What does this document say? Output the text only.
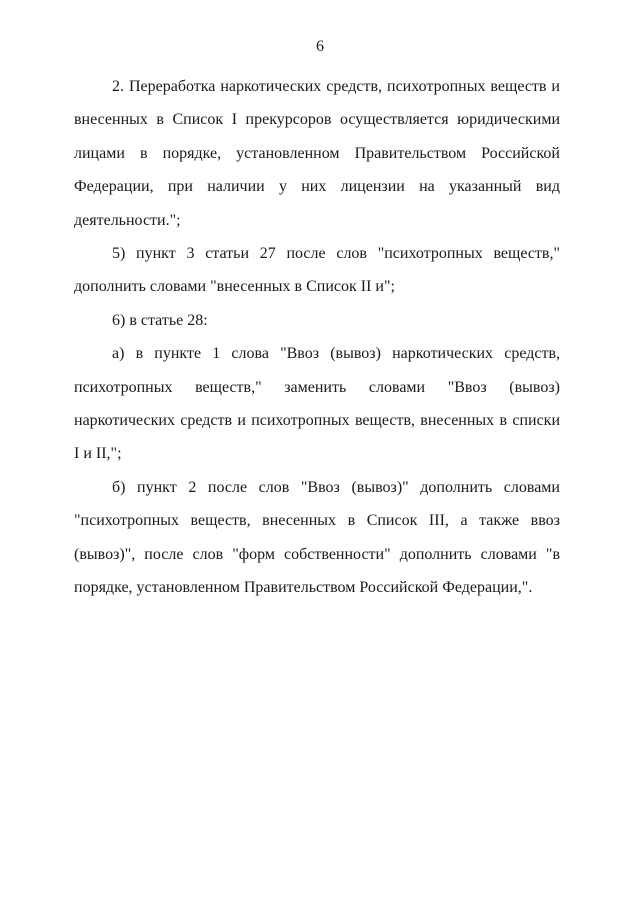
6

2. Переработка наркотических средств, психотропных веществ и внесенных в Список I прекурсоров осуществляется юридическими лицами в порядке, установленном Правительством Российской Федерации, при наличии у них лицензии на указанный вид деятельности.";

5) пункт 3 статьи 27 после слов "психотропных веществ," дополнить словами "внесенных в Список II и";

6) в статье 28:

а) в пункте 1 слова "Ввоз (вывоз) наркотических средств, психотропных веществ," заменить словами "Ввоз (вывоз) наркотических средств и психотропных веществ, внесенных в списки I и II,";

б) пункт 2 после слов "Ввоз (вывоз)" дополнить словами "психотропных веществ, внесенных в Список III, а также ввоз (вывоз)", после слов "форм собственности" дополнить словами "в порядке, установленном Правительством Российской Федерации,".
